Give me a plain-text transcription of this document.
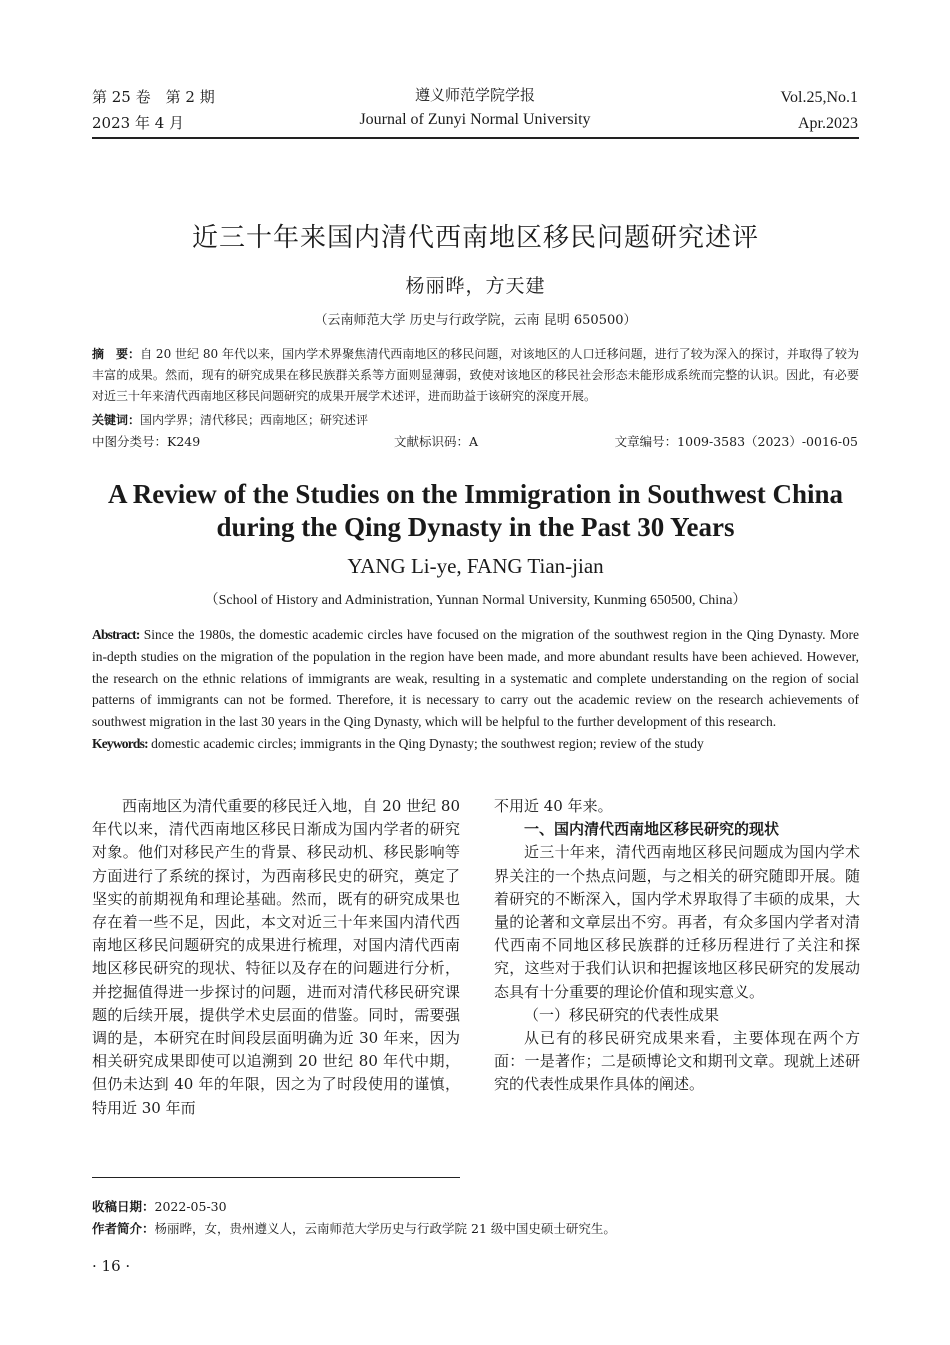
第 25 卷　第 2 期
2023 年 4 月
遵义师范学院学报
Journal of Zunyi Normal University
Vol.25,No.1
Apr.2023
近三十年来国内清代西南地区移民问题研究述评
杨丽晔，方天建
（云南师范大学 历史与行政学院，云南 昆明 650500）
摘　要：自 20 世纪 80 年代以来，国内学术界聚焦清代西南地区的移民问题，对该地区的人口迁移问题，进行了较为深入的探讨，并取得了较为丰富的成果。然而，现有的研究成果在移民族群关系等方面则显薄弱，致使对该地区的移民社会形态未能形成系统而完整的认识。因此，有必要对近三十年来清代西南地区移民问题研究的成果开展学术述评，进而助益于该研究的深度开展。
关键词：国内学界；清代移民；西南地区；研究述评
中图分类号：K249	文献标识码：A	文章编号：1009-3583（2023）-0016-05
A Review of the Studies on the Immigration in Southwest China
during the Qing Dynasty in the Past 30 Years
YANG Li-ye, FANG Tian-jian
（School of History and Administration, Yunnan Normal University, Kunming 650500, China）
Abstract: Since the 1980s, the domestic academic circles have focused on the migration of the southwest region in the Qing Dynasty. More in-depth studies on the migration of the population in the region have been made, and more abundant results have been achieved. However, the research on the ethnic relations of immigrants are weak, resulting in a systematic and complete understanding on the region of social patterns of immigrants can not be formed. Therefore, it is necessary to carry out the academic review on the research achievements of southwest migration in the last 30 years in the Qing Dynasty, which will be helpful to the further development of this research.
Keywords: domestic academic circles; immigrants in the Qing Dynasty; the southwest region; review of the study

西南地区为清代重要的移民迁入地，自 20 世纪 80 年代以来，清代西南地区移民日渐成为国内学者的研究对象。他们对移民产生的背景、移民动机、移民影响等方面进行了系统的探讨，为西南移民史的研究，奠定了坚实的前期视角和理论基础。然而，既有的研究成果也存在着一些不足，因此，本文对近三十年来国内清代西南地区移民问题研究的成果进行梳理，对国内清代西南地区移民研究的现状、特征以及存在的问题进行分析，并挖掘值得进一步探讨的问题，进而对清代移民研究课题的后续开展，提供学术史层面的借鉴。同时，需要强调的是，本研究在时间段层面明确为近 30 年来，因为相关研究成果即使可以追溯到 20 世纪 80 年代中期，但仍未达到 40 年的年限，因之为了时段使用的谨慎，特用近 30 年而

不用近 40 年来。

一、国内清代西南地区移民研究的现状

近三十年来，清代西南地区移民问题成为国内学术界关注的一个热点问题，与之相关的研究随即开展。随着研究的不断深入，国内学术界取得了丰硕的成果，大量的论著和文章层出不穷。再者，有众多国内学者对清代西南不同地区移民族群的迁移历程进行了关注和探究，这些对于我们认识和把握该地区移民研究的发展动态具有十分重要的理论价值和现实意义。

（一）移民研究的代表性成果

从已有的移民研究成果来看，主要体现在两个方面：一是著作；二是硕博论文和期刊文章。现就上述研究的代表性成果作具体的阐述。

收稿日期：2022-05-30
作者简介：杨丽晔，女，贵州遵义人，云南师范大学历史与行政学院 21 级中国史硕士研究生。
· 16 ·
